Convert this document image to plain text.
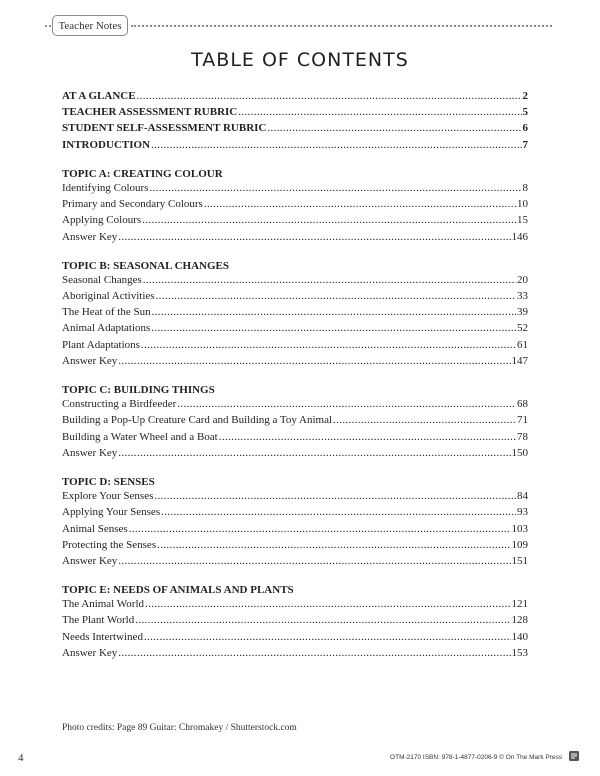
Teacher Notes
TABLE OF CONTENTS
AT A GLANCE . . .	2
TEACHER ASSESSMENT RUBRIC . . .	5
STUDENT SELF-ASSESSMENT RUBRIC . . .	6
INTRODUCTION . . .	7
TOPIC A: CREATING COLOUR
Identifying Colours . . .	8
Primary and Secondary Colours . . .	10
Applying Colours . . .	15
Answer Key . . .	146
TOPIC B: SEASONAL CHANGES
Seasonal Changes . . .	20
Aboriginal Activities . . .	33
The Heat of the Sun . . .	39
Animal Adaptations . . .	52
Plant Adaptations . . .	61
Answer Key . . .	147
TOPIC C: BUILDING THINGS
Constructing a Birdfeeder . . .	68
Building a Pop-Up Creature Card and Building a Toy Animal . . .	71
Building a Water Wheel and a Boat . . .	78
Answer Key . . .	150
TOPIC D: SENSES
Explore Your Senses . . .	84
Applying Your Senses . . .	93
Animal Senses . . .	103
Protecting the Senses . . .	109
Answer Key . . .	151
TOPIC E: NEEDS OF ANIMALS AND PLANTS
The Animal World . . .	121
The Plant World . . .	128
Needs Intertwined . . .	140
Answer Key . . .	153
Photo credits: Page 89 Guitar: Chromakey / Shutterstock.com
4	OTM-2170 ISBN: 978-1-4877-0206-9 © On The Mark Press
